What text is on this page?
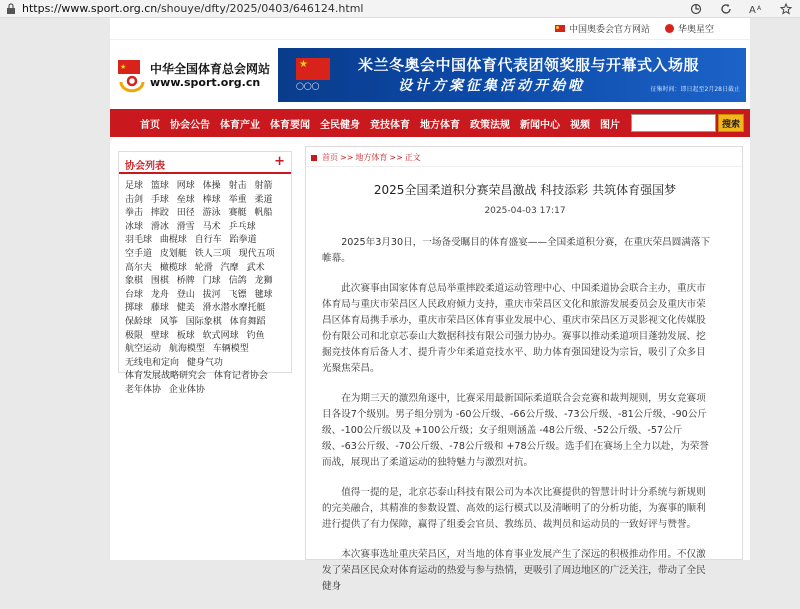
https://www.sport.org.cn/shouye/dfty/2025/0403/646124.html	A A
中国奥委会官方网站	华奥星空
★ 中华全国体育总会网站
www.sport.org.cn
★	◯◯◯
米兰冬奥会中国体育代表团领奖服与开幕式入场服
设计方案征集活动开始啦	征集时间：即日起至2月28日截止
首页 协会公告 体育产业 体育要闻 全民健身 竞技体育 地方体育 政策法规 新闻中心 视频 图片	搜索
协会列表	+
足球 篮球 网球 体操 射击 射箭 击剑 手球 垒球 棒球 举重 柔道 拳击 摔跤 田径 游泳 赛艇 帆船 冰球 滑冰 滑雪 马术 乒乓球 羽毛球 曲棍球 自行车 跆拳道 空手道 皮划艇 铁人三项 现代五项 高尔夫 橄榄球 轮滑 汽摩 武术 象棋 围棋 桥牌 门球 信鸽 龙狮 台球 龙舟 登山 拔河 飞镖 毽球 掷球 藤球 健美 滑水潜水摩托艇 保龄球 风筝 国际象棋 体育舞蹈 极限 壁球 板球 软式网球 钓鱼 航空运动 航海模型 车辆模型 无线电和定向 健身气功 体育发展战略研究会 体育记者协会 老年体协 企业体协
首页 >> 地方体育 >> 正文
2025全国柔道积分赛荣昌激战 科技添彩 共筑体育强国梦
2025-04-03 17:17

2025年3月30日，一场备受瞩目的体育盛宴——全国柔道积分赛，在重庆荣昌圆满落下帷幕。

此次赛事由国家体育总局举重摔跤柔道运动管理中心、中国柔道协会联合主办，重庆市体育局与重庆市荣昌区人民政府倾力支持，重庆市荣昌区文化和旅游发展委员会及重庆市荣昌区体育局携手承办，重庆市荣昌区体育事业发展中心、重庆市荣昌区万灵影视文化传媒股份有限公司和北京芯泰山大数据科技有限公司强力协办。赛事以推动柔道项目蓬勃发展、挖掘竞技体育后备人才、提升青少年柔道竞技水平、助力体育强国建设为宗旨，吸引了众多目光聚焦荣昌。

在为期三天的激烈角逐中，比赛采用最新国际柔道联合会竞赛和裁判规则，男女竞赛项目各设7个级别。男子组分别为 -60公斤级、-66公斤级、-73公斤级、-81公斤级、-90公斤级、-100公斤级以及 +100公斤级；女子组则涵盖 -48公斤级、-52公斤级、-57公斤级、-63公斤级、-70公斤级、-78公斤级和 +78公斤级。选手们在赛场上全力以赴，为荣誉而战，展现出了柔道运动的独特魅力与激烈对抗。

值得一提的是，北京芯泰山科技有限公司为本次比赛提供的智慧计时计分系统与新规则的完美融合，其精准的参数设置、高效的运行模式以及清晰明了的分析功能，为赛事的顺利进行提供了有力保障，赢得了组委会官员、教练员、裁判员和运动员的一致好评与赞誉。

本次赛事选址重庆荣昌区，对当地的体育事业发展产生了深远的积极推动作用。不仅激发了荣昌区民众对体育运动的热爱与参与热情，更吸引了周边地区的广泛关注，带动了全民健身
